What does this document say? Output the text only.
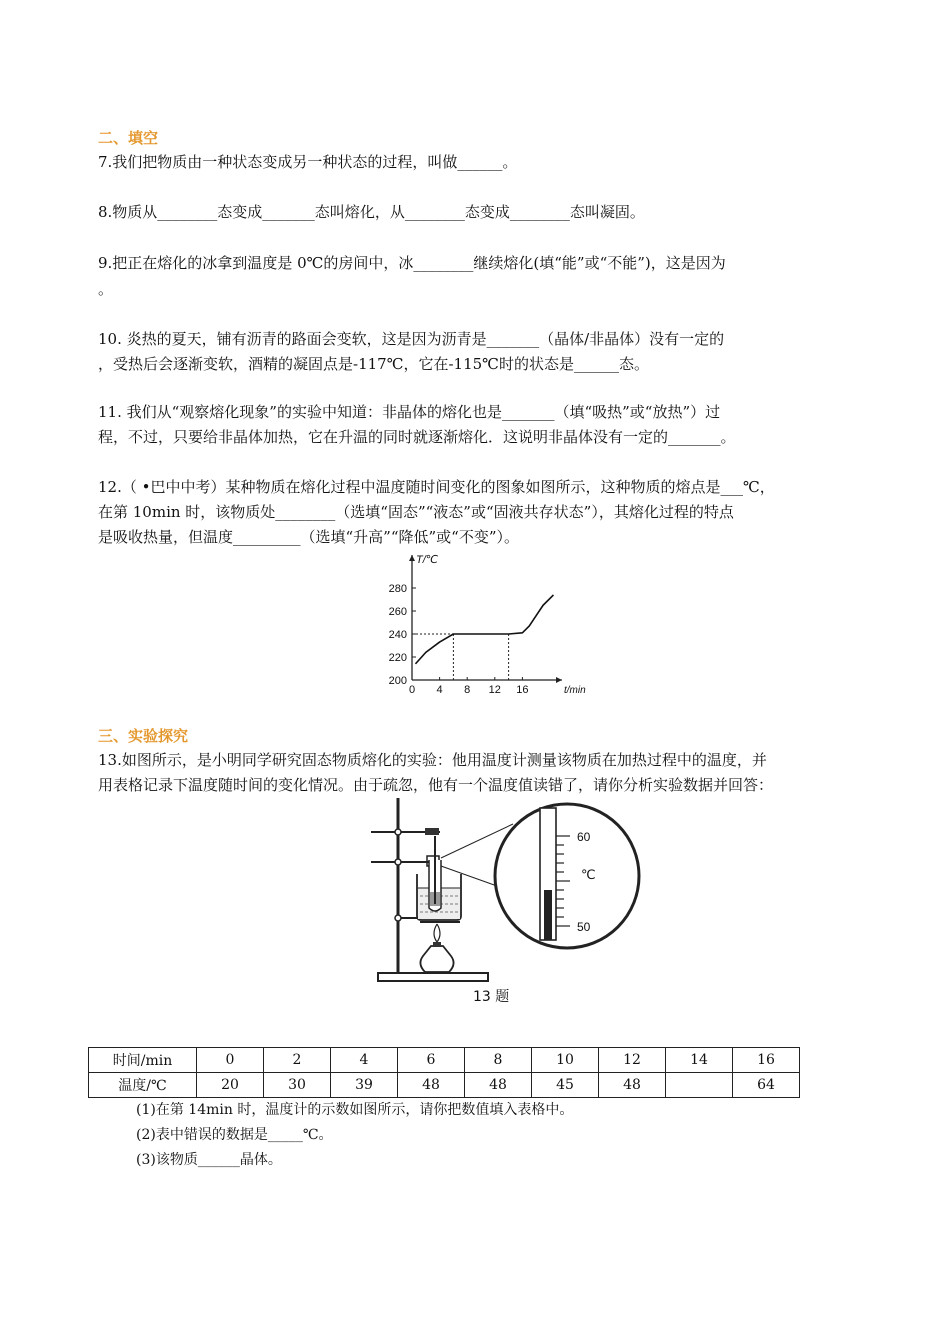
二、填空
7.我们把物质由一种状态变成另一种状态的过程，叫做______。
8.物质从________态变成_______态叫熔化，从________态变成________态叫凝固。
9.把正在熔化的冰拿到温度是 0℃的房间中，冰________继续熔化(填“能”或“不能”)，这是因为
。
10. 炎热的夏天，铺有沥青的路面会变软，这是因为沥青是_______（晶体/非晶体）没有一定的
，受热后会逐渐变软，酒精的凝固点是-117℃，它在-115℃时的状态是______态。
11. 我们从“观察熔化现象”的实验中知道：非晶体的熔化也是_______（填“吸热”或“放热”）过
程，不过，只要给非晶体加热，它在升温的同时就逐渐熔化．这说明非晶体没有一定的_______。
12.（ •巴中中考）某种物质在熔化过程中温度随时间变化的图象如图所示，这种物质的熔点是___℃，
在第 10min 时，该物质处________（选填“固态”“液态”或“固液共存状态”），其熔化过程的特点
是吸收热量，但温度_________（选填“升高”“降低”或“不变”）。
200
220
240
260
280
0 4 8 12 16
T/℃
t/min
三、实验探究
13.如图所示，是小明同学研究固态物质熔化的实验：他用温度计测量该物质在加热过程中的温度，并
用表格记录下温度随时间的变化情况。由于疏忽，他有一个温度值读错了，请你分析实验数据并回答：
60
℃
50
13 题
时间/min	0	2	4	6	8	10	12	14	16
温度/℃	20	30	39	48	48	45	48		64
(1)在第 14min 时，温度计的示数如图所示，请你把数值填入表格中。
(2)表中错误的数据是_____℃。
(3)该物质______晶体。
